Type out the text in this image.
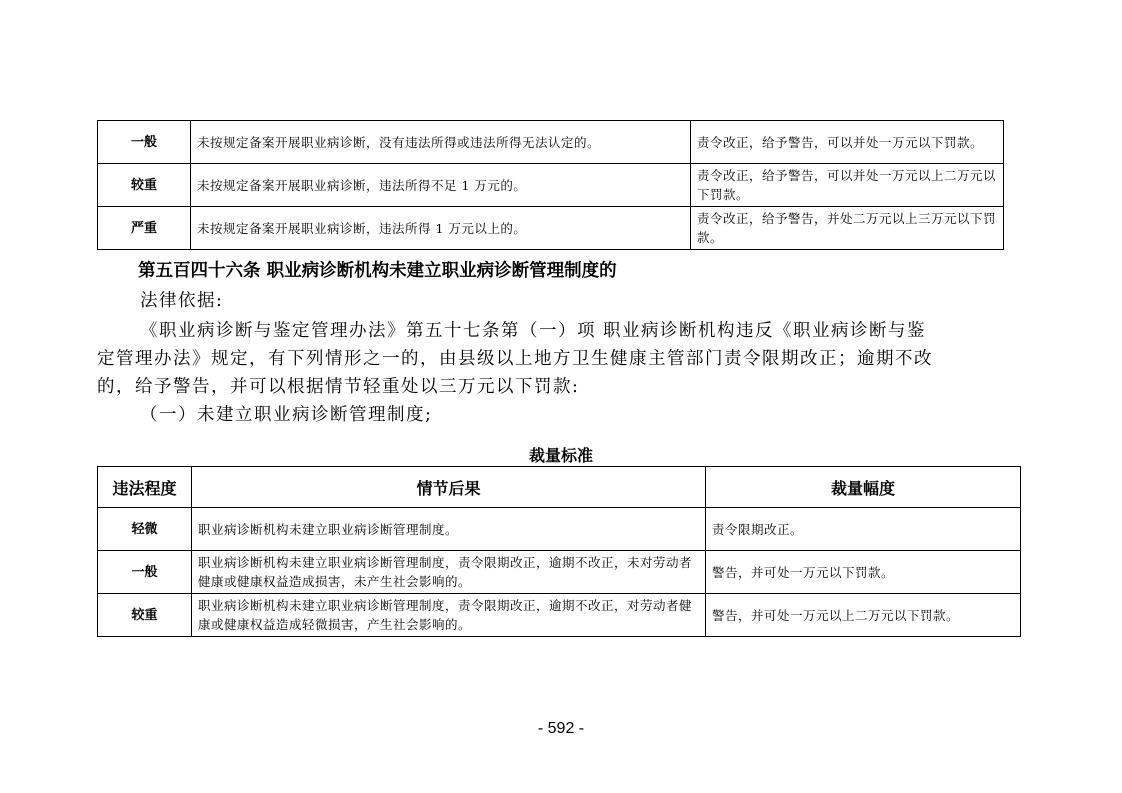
一般	未按规定备案开展职业病诊断，没有违法所得或违法所得无法认定的。	责令改正，给予警告，可以并处一万元以下罚款。
较重	未按规定备案开展职业病诊断，违法所得不足 1 万元的。	责令改正，给予警告，可以并处一万元以上二万元以下罚款。
严重	未按规定备案开展职业病诊断，违法所得 1 万元以上的。	责令改正，给予警告，并处二万元以上三万元以下罚款。
第五百四十六条 职业病诊断机构未建立职业病诊断管理制度的
法律依据:
《职业病诊断与鉴定管理办法》第五十七条第（一）项 职业病诊断机构违反《职业病诊断与鉴
定管理办法》规定，有下列情形之一的，由县级以上地方卫生健康主管部门责令限期改正；逾期不改
的，给予警告，并可以根据情节轻重处以三万元以下罚款:
（一）未建立职业病诊断管理制度;
裁量标准
违法程度	情节后果	裁量幅度
轻微	职业病诊断机构未建立职业病诊断管理制度。	责令限期改正。
一般	职业病诊断机构未建立职业病诊断管理制度，责令限期改正，逾期不改正，未对劳动者健康或健康权益造成损害，未产生社会影响的。	警告，并可处一万元以下罚款。
较重	职业病诊断机构未建立职业病诊断管理制度，责令限期改正，逾期不改正，对劳动者健康或健康权益造成轻微损害，产生社会影响的。	警告，并可处一万元以上二万元以下罚款。
- 592 -
